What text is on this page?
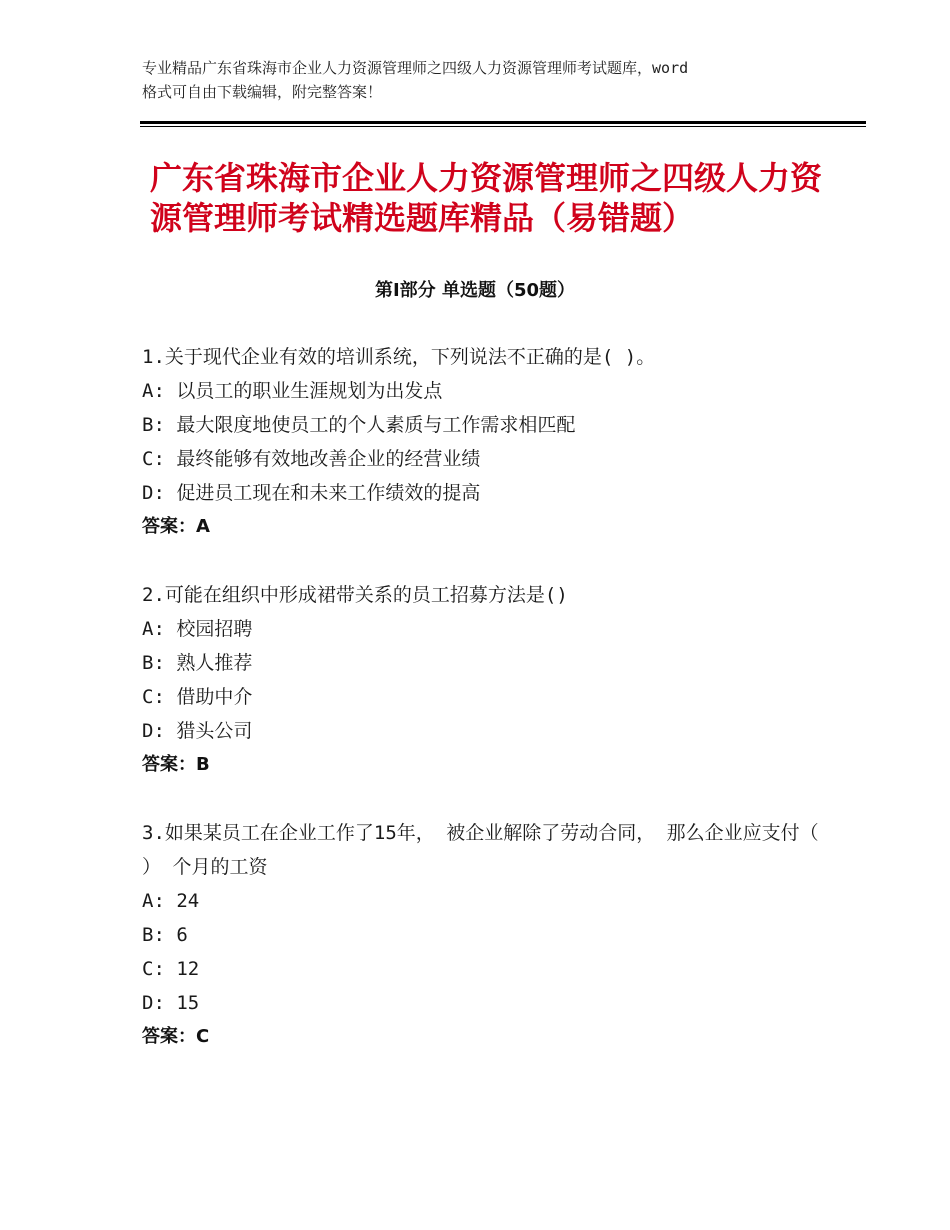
专业精品广东省珠海市企业人力资源管理师之四级人力资源管理师考试题库，word
格式可自由下载编辑，附完整答案！
广东省珠海市企业人力资源管理师之四级人力资源管理师考试精选题库精品（易错题）
第Ⅰ部分 单选题（50题）

1.关于现代企业有效的培训系统，下列说法不正确的是( )。

A: 以员工的职业生涯规划为出发点

B: 最大限度地使员工的个人素质与工作需求相匹配

C: 最终能够有效地改善企业的经营业绩

D: 促进员工现在和未来工作绩效的提高

答案：A

2.可能在组织中形成裙带关系的员工招募方法是()

A: 校园招聘

B: 熟人推荐

C: 借助中介

D: 猎头公司

答案：B

3.如果某员工在企业工作了15年， 被企业解除了劳动合同， 那么企业应支付（ ） 个月的工资

A: 24

B: 6

C: 12

D: 15

答案：C
